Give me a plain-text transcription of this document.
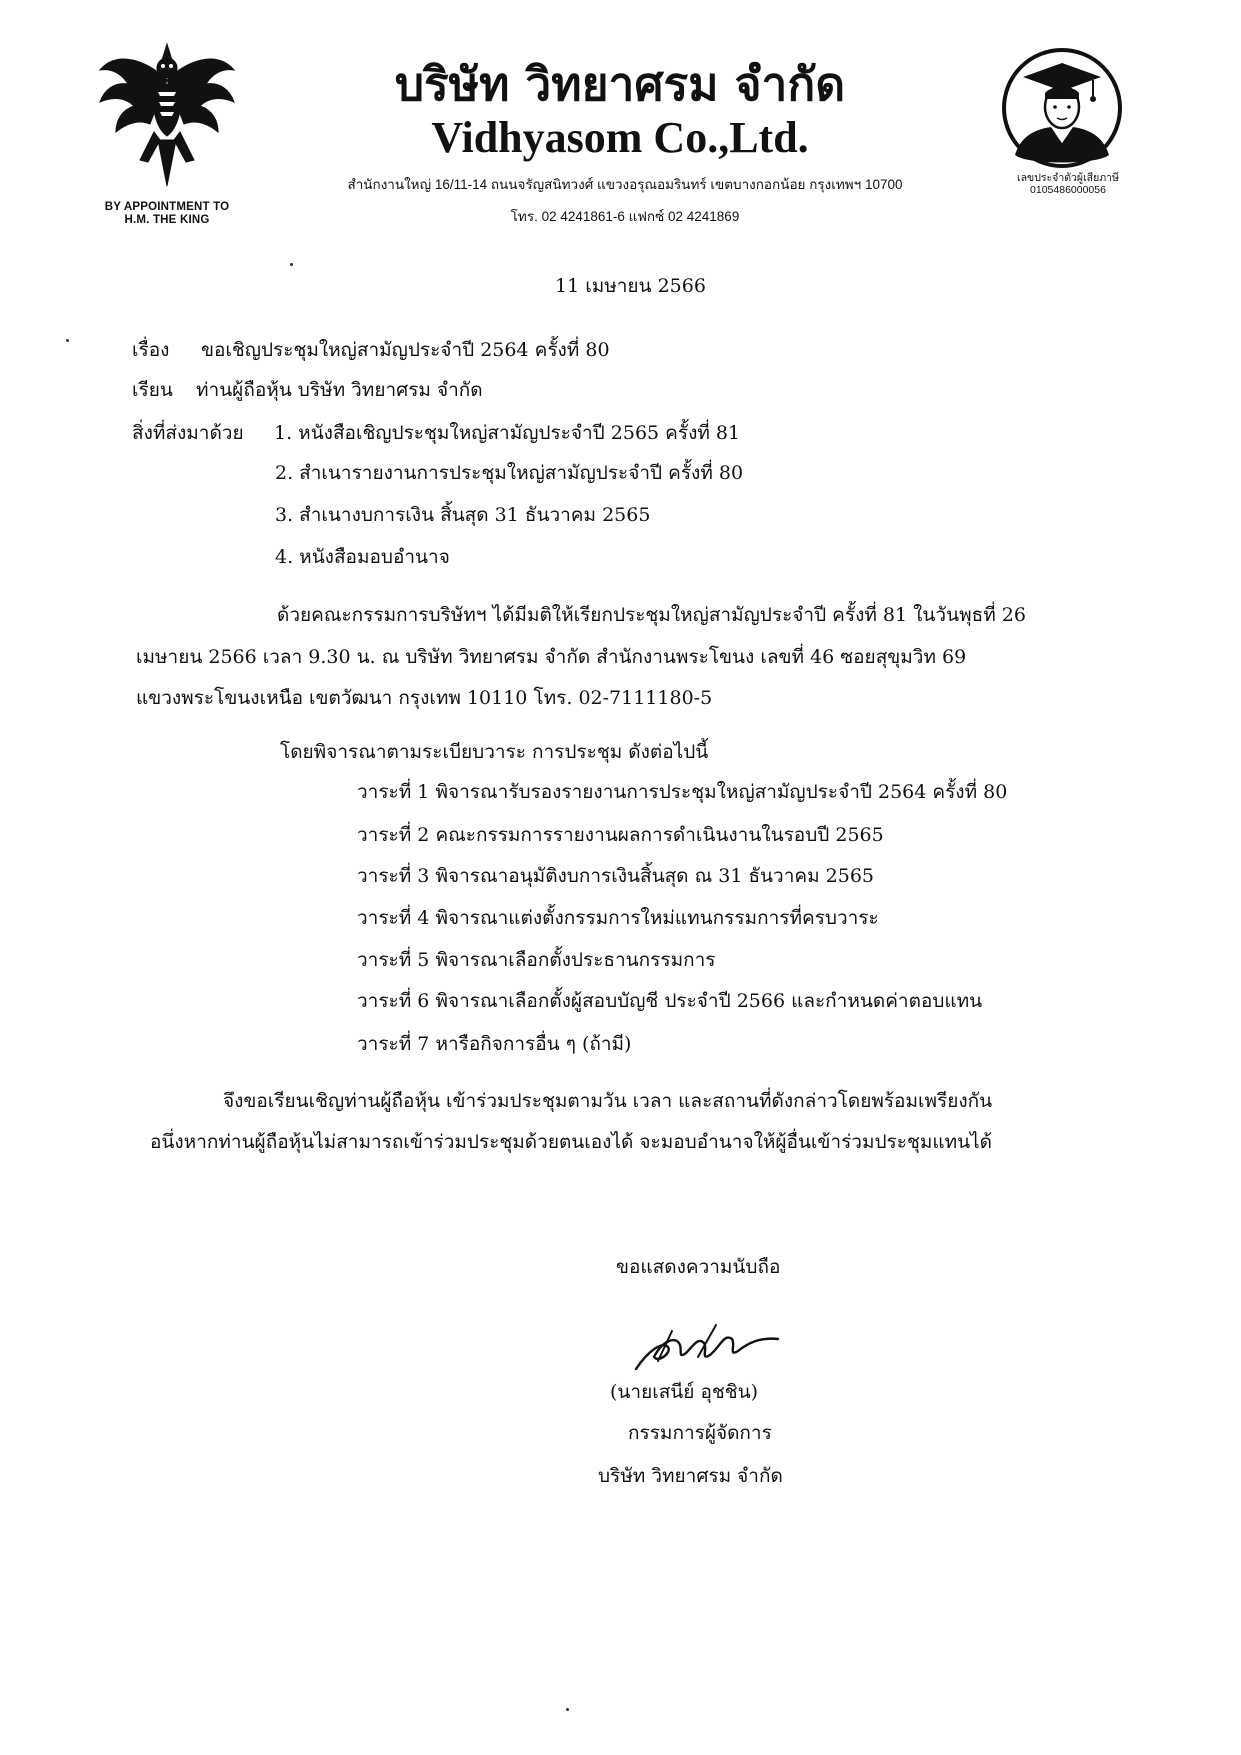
BY APPOINTMENT TO
H.M. THE KING
บริษัท วิทยาศรม จำกัด
Vidhyasom Co.,Ltd.
สำนักงานใหญ่ 16/11-14 ถนนจรัญสนิทวงศ์ แขวงอรุณอมรินทร์ เขตบางกอกน้อย กรุงเทพฯ 10700
โทร. 02 4241861-6 แฟกซ์ 02 4241869
เลขประจำตัวผู้เสียภาษี
0105486000056
11 เมษายน 2566
เรื่อง ขอเชิญประชุมใหญ่สามัญประจำปี 2564 ครั้งที่ 80
เรียน ท่านผู้ถือหุ้น บริษัท วิทยาศรม จำกัด
สิ่งที่ส่งมาด้วย 1. หนังสือเชิญประชุมใหญ่สามัญประจำปี 2565 ครั้งที่ 81
2. สำเนารายงานการประชุมใหญ่สามัญประจำปี ครั้งที่ 80
3. สำเนางบการเงิน สิ้นสุด 31 ธันวาคม 2565
4. หนังสือมอบอำนาจ
ด้วยคณะกรรมการบริษัทฯ ได้มีมติให้เรียกประชุมใหญ่สามัญประจำปี ครั้งที่ 81 ในวันพุธที่ 26
เมษายน 2566 เวลา 9.30 น. ณ บริษัท วิทยาศรม จำกัด สำนักงานพระโขนง เลขที่ 46 ซอยสุขุมวิท 69
แขวงพระโขนงเหนือ เขตวัฒนา กรุงเทพ 10110 โทร. 02-7111180-5
โดยพิจารณาตามระเบียบวาระ การประชุม ดังต่อไปนี้
วาระที่ 1 พิจารณารับรองรายงานการประชุมใหญ่สามัญประจำปี 2564 ครั้งที่ 80
วาระที่ 2 คณะกรรมการรายงานผลการดำเนินงานในรอบปี 2565
วาระที่ 3 พิจารณาอนุมัติงบการเงินสิ้นสุด ณ 31 ธันวาคม 2565
วาระที่ 4 พิจารณาแต่งตั้งกรรมการใหม่แทนกรรมการที่ครบวาระ
วาระที่ 5 พิจารณาเลือกตั้งประธานกรรมการ
วาระที่ 6 พิจารณาเลือกตั้งผู้สอบบัญชี ประจำปี 2566 และกำหนดค่าตอบแทน
วาระที่ 7 หารือกิจการอื่น ๆ (ถ้ามี)
จึงขอเรียนเชิญท่านผู้ถือหุ้น เข้าร่วมประชุมตามวัน เวลา และสถานที่ดังกล่าวโดยพร้อมเพรียงกัน
อนึ่งหากท่านผู้ถือหุ้นไม่สามารถเข้าร่วมประชุมด้วยตนเองได้ จะมอบอำนาจให้ผู้อื่นเข้าร่วมประชุมแทนได้
ขอแสดงความนับถือ
(นายเสนีย์ อุชชิน)
กรรมการผู้จัดการ
บริษัท วิทยาศรม จำกัด
